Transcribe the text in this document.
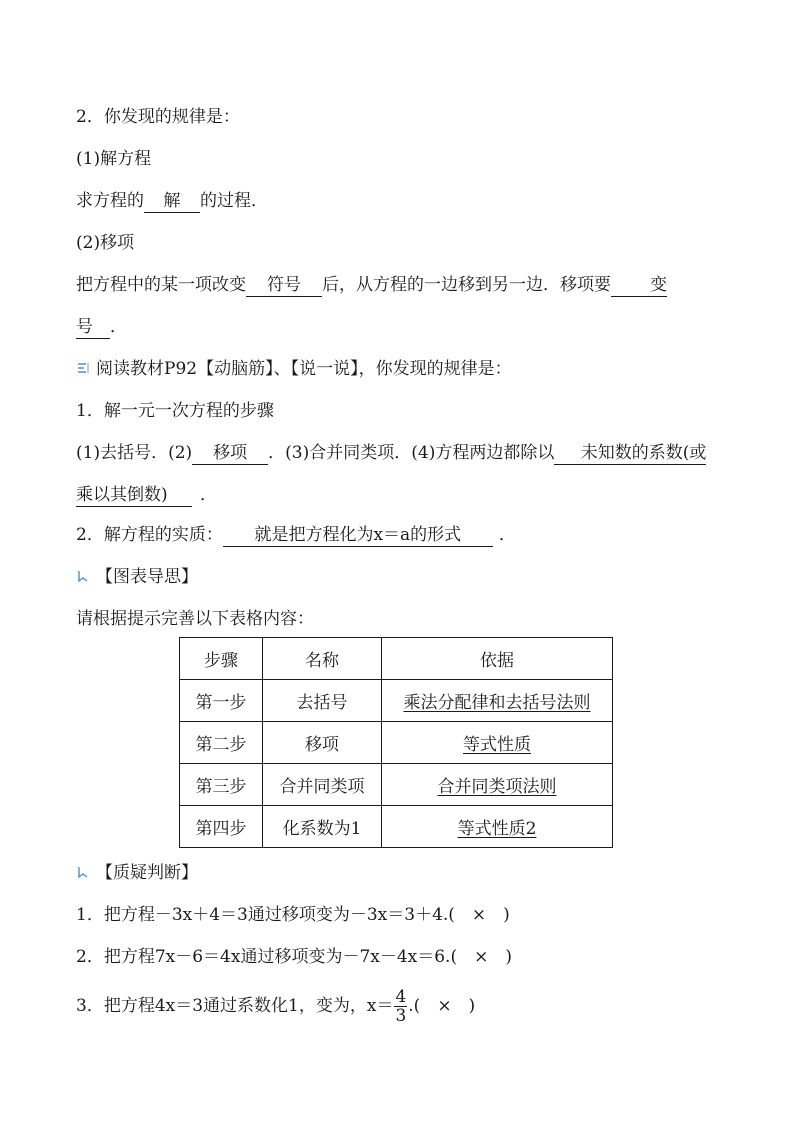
2．你发现的规律是：
(1)解方程
求方程的 解 的过程．
(2)移项
把方程中的某一项改变 符号 后，从方程的一边移到另一边．移项要 变
号 ．
阅读教材P92【动脑筋】、【说一说】，你发现的规律是：
1．解一元一次方程的步骤
(1)去括号．(2) 移项 ．(3)合并同类项．(4)方程两边都除以 未知数的系数(或
乘以其倒数) ．
2．解方程的实质： 就是把方程化为x＝a的形式 ．
【图表导思】
请根据提示完善以下表格内容：
步骤	名称	依据
第一步	去括号	乘法分配律和去括号法则
第二步	移项	等式性质
第三步	合并同类项	合并同类项法则
第四步	化系数为1	等式性质2
【质疑判断】
1．把方程－3x＋4＝3通过移项变为－3x＝3＋4.(　×　)
2．把方程7x－6＝4x通过移项变为－7x－4x＝6.(　×　)
3．把方程4x＝3通过系数化1，变为，$x= \frac{4}{3}$ .(　×　)
